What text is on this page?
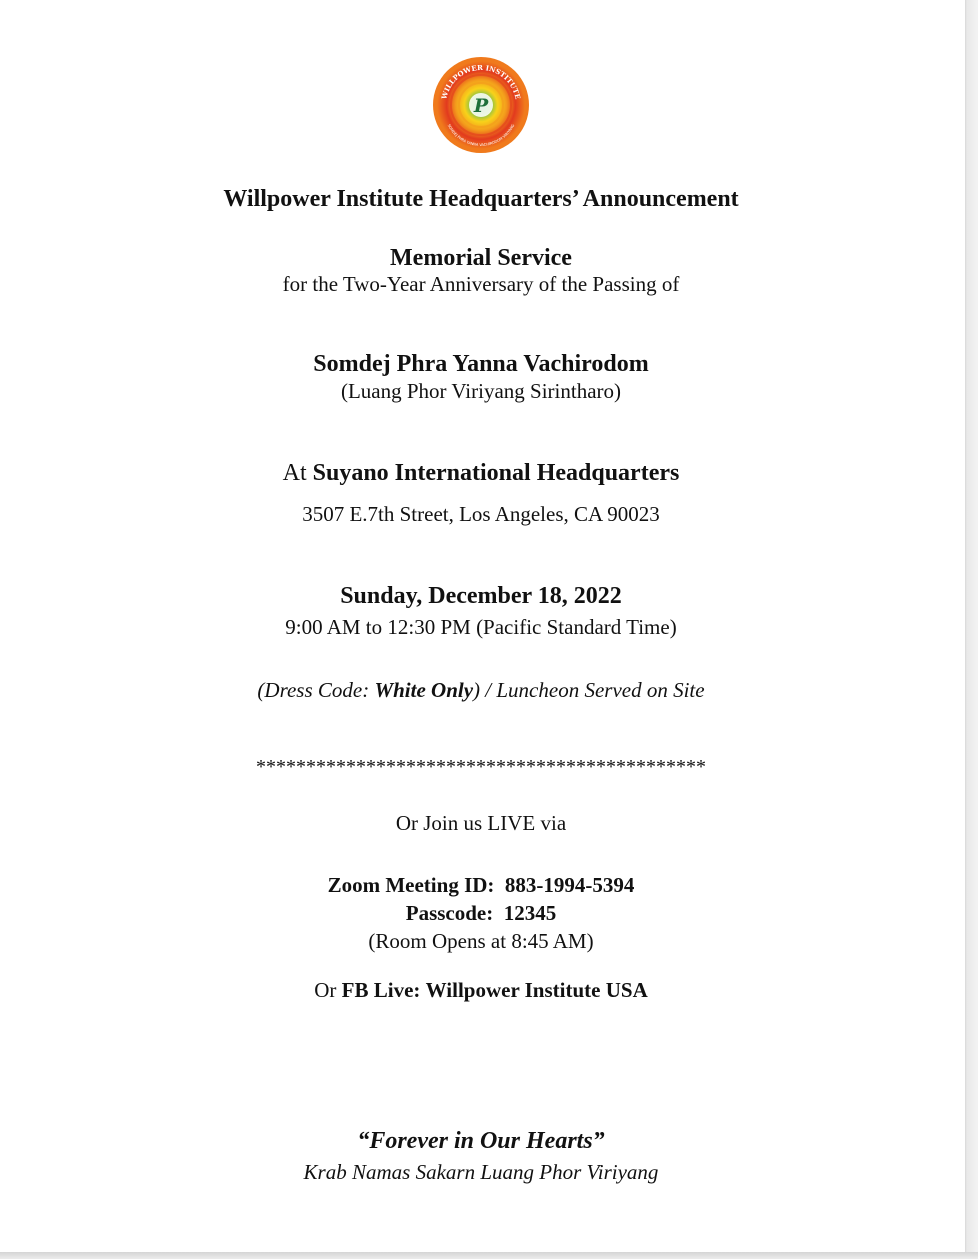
WILLPOWER INSTITUTE
SOMDEJ PHRA YANNA VACHIRODOM VIRIYANG
P
Willpower Institute Headquarters’ Announcement
Memorial Service
for the Two-Year Anniversary of the Passing of
Somdej Phra Yanna Vachirodom
(Luang Phor Viriyang Sirintharo)
At Suyano International Headquarters
3507 E.7th Street, Los Angeles, CA 90023
Sunday, December 18, 2022
9:00 AM to 12:30 PM (Pacific Standard Time)
(Dress Code: White Only) / Luncheon Served on Site
*********************************************
Or Join us LIVE via
Zoom Meeting ID: 883-1994-5394
Passcode: 12345
(Room Opens at 8:45 AM)
Or FB Live: Willpower Institute USA
“Forever in Our Hearts”
Krab Namas Sakarn Luang Phor Viriyang
